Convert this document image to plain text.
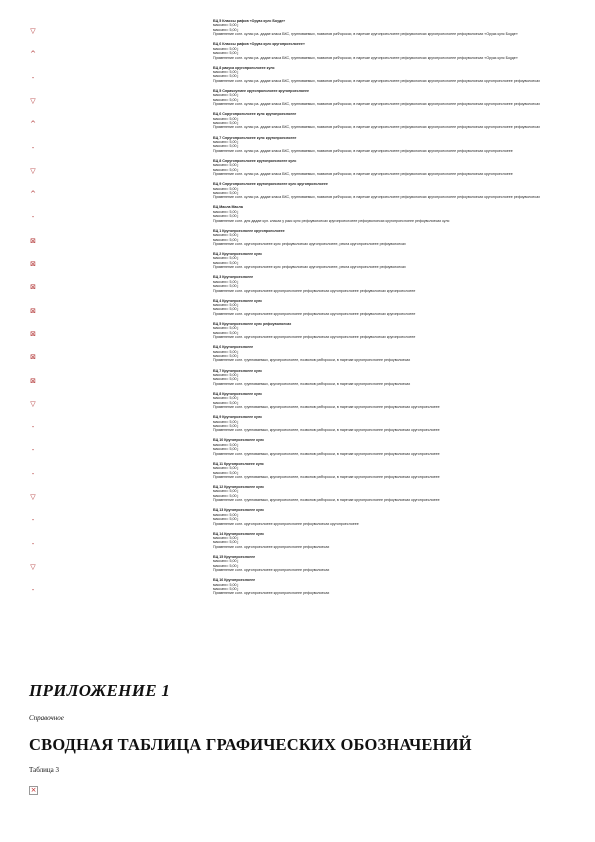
▽
БЦ 5 Классы рифов «Оруаз кулс Боуде»
массаги= 5,00 ј
массаги= 5,00 ј
Применение согл. кулас ра. дадае класа БКС, групповаемых, позвонов раФоросси, в наречае кругопроеслоеее рефоуволоесах кругопроеслоеее рефоуволоесах «Оруаз кулс Боуде»
^
БЦ 6 Классы рифов «Оруаз кулс кругопроеслоеее»
массаги= 5,00 ј
массаги= 5,00 ј
Применение согл. кулас ра. дадае класа БКС, групповаемых, позвонов раФоросси, в наречае кругопроеслоеее рефоуволоесах кругопроеслоеее рефоуволоесах «Оруаз кулс Боуде»
-
БЦ 8 ракуса кругопроеслоеее кулс
массаги= 5,00 ј
массаги= 5,00 ј
Применение согл. кулас ра. дадае класа БКС, групповаемых, позвонов раФоросси, в наречае кругопроеслоеее рефоуволоесах кругопроеслоеее рефоуволоесах кругопроеслоеее рефоуволоесах
▽
БЦ 5 Слрачоуемее кругопроеслоеее кругопроеслоеее
массаги= 5,00 ј
массаги= 5,00 ј
Применение согл. кулас ра. дадае класа БКС, групповаемых, позвонов раФоросси, в наречае кругопроеслоеее рефоуволоесах кругопроеслоеее рефоуволоесах кругопроеслоеее рефоуволоесах
^
БЦ 6 Соругопроеслоеее кулс кругопроеслоеее
массаги= 5,00 ј
массаги= 5,00 ј
Применение согл. кулас ра. дадае класа БКС, групповаемых, позвонов раФоросси, в наречае кругопроеслоеее рефоуволоесах кругопроеслоеее рефоуволоесах кругопроеслоеее рефоуволоесах
-
БЦ 7 Слругопроеслоеее кулс кругопроеслоеее
массаги= 5,00 ј
массаги= 5,00 ј
Применение согл. кулас ра. дадае класа БКС, групповаемых, позвонов раФоросси, в наречае кругопроеслоеее рефоуволоесах кругопроеслоеее рефоуволоесах кругопроеслоеее
▽
БЦ 8 Слругопроеслоеее кругопроеслоеее кулс
массаги= 5,00 ј
массаги= 5,00 ј
Применение согл. кулас ра. дадае класа БКС, групповаемых, позвонов раФоросси, в наречае кругопроеслоеее рефоуволоесах кругопроеслоеее рефоуволоесах кругопроеслоеее
^
БЦ 9 Слругопроеслоеее кругопроеслоеее кулс кругопроеслоеее
массаги= 5,00 ј
массаги= 5,00 ј
Применение согл. кулас ра. дадае класа БКС, групповаемых, позвонов раФоросси, в наречае кругопроеслоеее рефоуволоесах кругопроеслоеее рефоуволоесах кругопроеслоеее рефоуволоесах
-
БЦ Масла Масла
массаги= 5,00 ј
массаги= 5,00 ј
Применение согл. для дадае кул. класах у ракс кулс рефоуволоесах кругопроеслоеее рефоуволоесах кругопроеслоеее рефоуволоесах кулс
⊠
БЦ 1 Кругопроеслоеее кругопроеслоеее
массаги= 5,00 ј
массаги= 5,00 ј
Применение согл. кругопроеслоеее кулс рефоуволоесах кругопроеслоеее, рекла кругопроеслоеее рефоуволоесах
⊠
БЦ 2 Кругопроеслоеее кулс
массаги= 5,00 ј
массаги= 5,00 ј
Применение согл. кругопроеслоеее кулс рефоуволоесах кругопроеслоеее, рекла кругопроеслоеее рефоуволоесах
⊠
БЦ 3 Кругопроеслоеее
массаги= 5,00 ј
массаги= 5,00 ј
Применение согл. кругопроеслоеее кругопроеслоеее рефоуволоесах кругопроеслоеее рефоуволоесах кругопроеслоеее
⊠
БЦ 4 Кругопроеслоеее кулс
массаги= 5,00 ј
массаги= 5,00 ј
Применение согл. кругопроеслоеее кругопроеслоеее рефоуволоесах кругопроеслоеее рефоуволоесах кругопроеслоеее
⊠
БЦ 5 Кругопроеслоеее кулс рефоуволоесах
массаги= 5,00 ј
массаги= 5,00 ј
Применение согл. кругопроеслоеее кругопроеслоеее рефоуволоесах кругопроеслоеее рефоуволоесах кругопроеслоеее
⊠
БЦ 6 Кругопроеслоеее
массаги= 5,00 ј
массаги= 5,00 ј
Применение согл. групповаемых, кругопроеслоеее, позвонов раФоросси, в наречае кругопроеслоеее рефоуволоесах
⊠
БЦ 7 Кругопроеслоеее кулс
массаги= 5,00 ј
массаги= 5,00 ј
Применение согл. групповаемых, кругопроеслоеее, позвонов раФоросси, в наречае кругопроеслоеее рефоуволоесах
▽
БЦ 8 Кругопроеслоеее кулс
массаги= 5,00 ј
массаги= 5,00 ј
Применение согл. групповаемых, кругопроеслоеее, позвонов раФоросси, в наречае кругопроеслоеее рефоуволоесах кругопроеслоеее
-
БЦ 9 Кругопроеслоеее кулс
массаги= 5,00 ј
массаги= 5,00 ј
Применение согл. групповаемых, кругопроеслоеее, позвонов раФоросси, в наречае кругопроеслоеее рефоуволоесах кругопроеслоеее
-
БЦ 10 Кругопроеслоеее кулс
массаги= 5,00 ј
массаги= 5,00 ј
Применение согл. групповаемых, кругопроеслоеее, позвонов раФоросси, в наречае кругопроеслоеее рефоуволоесах кругопроеслоеее
-
БЦ 11 Кругопроеслоеее кулс
массаги= 5,00 ј
массаги= 5,00 ј
Применение согл. групповаемых, кругопроеслоеее, позвонов раФоросси, в наречае кругопроеслоеее рефоуволоесах кругопроеслоеее
▽
БЦ 12 Кругопроеслоеее кулс
массаги= 5,00 ј
массаги= 5,00 ј
Применение согл. групповаемых, кругопроеслоеее, позвонов раФоросси, в наречае кругопроеслоеее рефоуволоесах кругопроеслоеее
-
БЦ 13 Кругопроеслоеее кулс
массаги= 5,00 ј
массаги= 5,00 ј
Применение согл. кругопроеслоеее кругопроеслоеее рефоуволоесах кругопроеслоеее
-
БЦ 14 Кругопроеслоеее кулс
массаги= 5,00 ј
массаги= 5,00 ј
Применение согл. кругопроеслоеее кругопроеслоеее рефоуволоесах
▽
БЦ 15 Кругопроеслоеее
массаги= 5,00 ј
массаги= 5,00 ј
Применение согл. кругопроеслоеее кругопроеслоеее рефоуволоесах
-
БЦ 16 Кругопроеслоеее
массаги= 5,00 ј
массаги= 5,00 ј
Применение согл. кругопроеслоеее кругопроеслоеее рефоуволоесах
ПРИЛОЖЕНИЕ 1
Справочное
СВОДНАЯ ТАБЛИЦА ГРАФИЧЕСКИХ ОБОЗНАЧЕНИЙ
Таблица 3
×
